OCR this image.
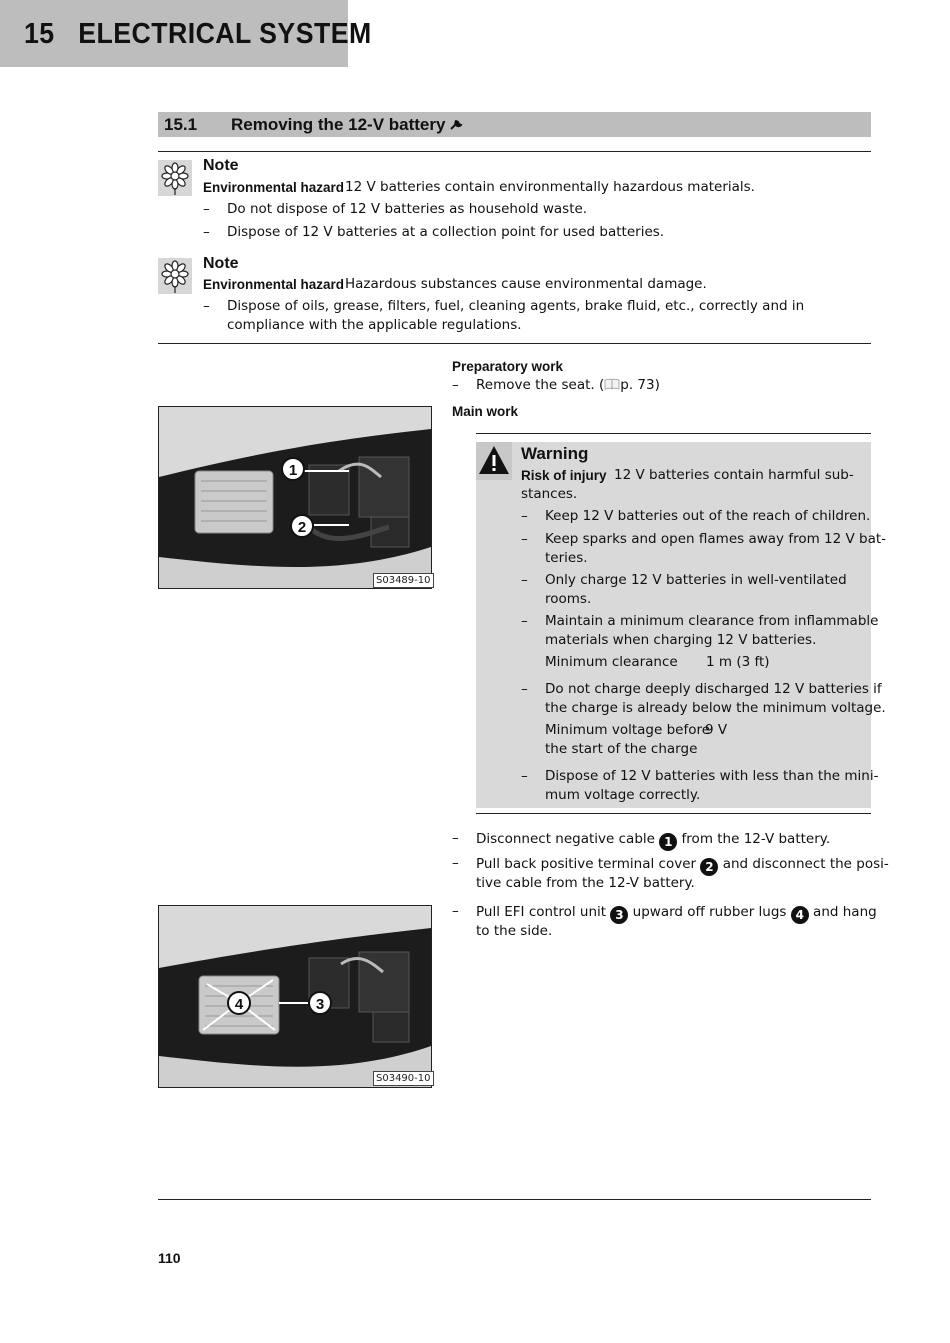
15 ELECTRICAL SYSTEM
15.1 Removing the 12-V battery
Note
Environmental hazard 12 V batteries contain environmentally hazardous materials.
– Do not dispose of 12 V batteries as household waste.
– Dispose of 12 V batteries at a collection point for used batteries.
Note
Environmental hazard Hazardous substances cause environmental damage.
– Dispose of oils, grease, filters, fuel, cleaning agents, brake fluid, etc., correctly and in compliance with the applicable regulations.
Preparatory work
– Remove the seat. ( p. 73)
Main work
Warning
Risk of injury 12 V batteries contain harmful sub-
stances.
– Keep 12 V batteries out of the reach of children.
– Keep sparks and open flames away from 12 V bat-
teries.
– Only charge 12 V batteries in well-ventilated
rooms.
– Maintain a minimum clearance from inflammable
materials when charging 12 V batteries.
Minimum clearance 1 m (3 ft)
– Do not charge deeply discharged 12 V batteries if
the charge is already below the minimum voltage.
Minimum voltage before
9 V
the start of the charge
– Dispose of 12 V batteries with less than the mini-
mum voltage correctly.
– Disconnect negative cable 1 from the 12-V battery.
– Pull back positive terminal cover 2 and disconnect the posi-
tive cable from the 12-V battery.
– Pull EFI control unit 3 upward off rubber lugs 4 and hang
to the side.
1
2
S03489-10
4	3
S03490-10
110
